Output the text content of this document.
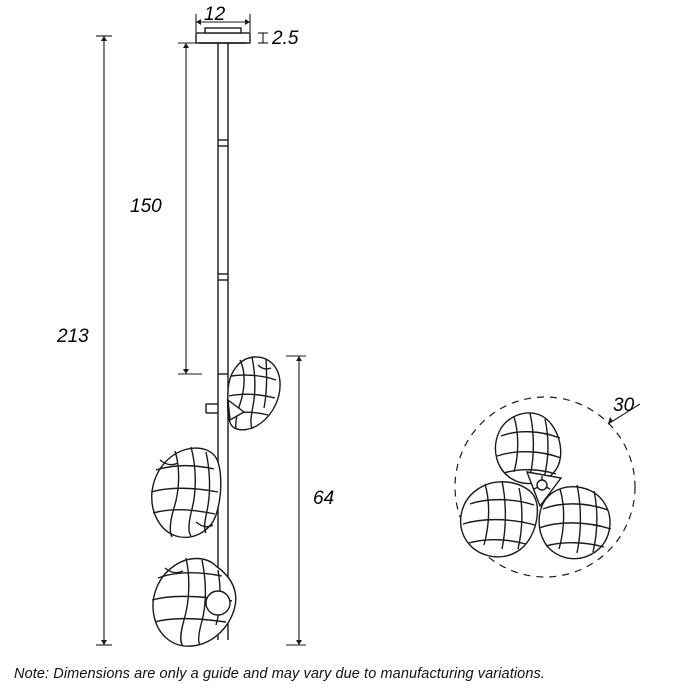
12
2.5
150
213
64
30
Note: Dimensions are only a guide and may vary due to manufacturing variations.
